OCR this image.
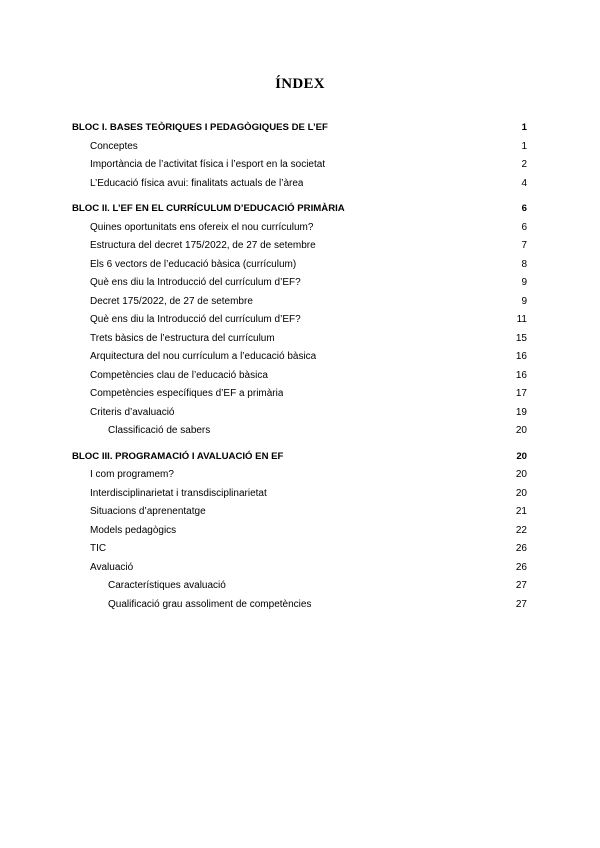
ÍNDEX
BLOC I. BASES TEÒRIQUES I PEDAGÒGIQUES DE L’EF	1
Conceptes	1
Importància de l’activitat física i l’esport en la societat	2
L’Educació física avui: finalitats actuals de l’àrea	4
BLOC II. L’EF EN EL CURRÍCULUM D’EDUCACIÓ PRIMÀRIA	6
Quines oportunitats ens ofereix el nou currículum?	6
Estructura del decret 175/2022, de 27 de setembre	7
Els 6 vectors de l’educació bàsica (currículum)	8
Què ens diu la Introducció del currículum d’EF?	9
Decret 175/2022, de 27 de setembre	9
Què ens diu la Introducció del currículum d’EF?	11
Trets bàsics de l’estructura del currículum	15
Arquitectura del nou currículum a l’educació bàsica	16
Competències clau de l’educació bàsica	16
Competències específiques d’EF a primària	17
Criteris d’avaluació	19
Classificació de sabers	20
BLOC III. PROGRAMACIÓ I AVALUACIÓ EN EF	20
I com programem?	20
Interdisciplinarietat i transdisciplinarietat	20
Situacions d’aprenentatge	21
Models pedagògics	22
TIC	26
Avaluació	26
Característiques avaluació	27
Qualificació grau assoliment de competències	27
